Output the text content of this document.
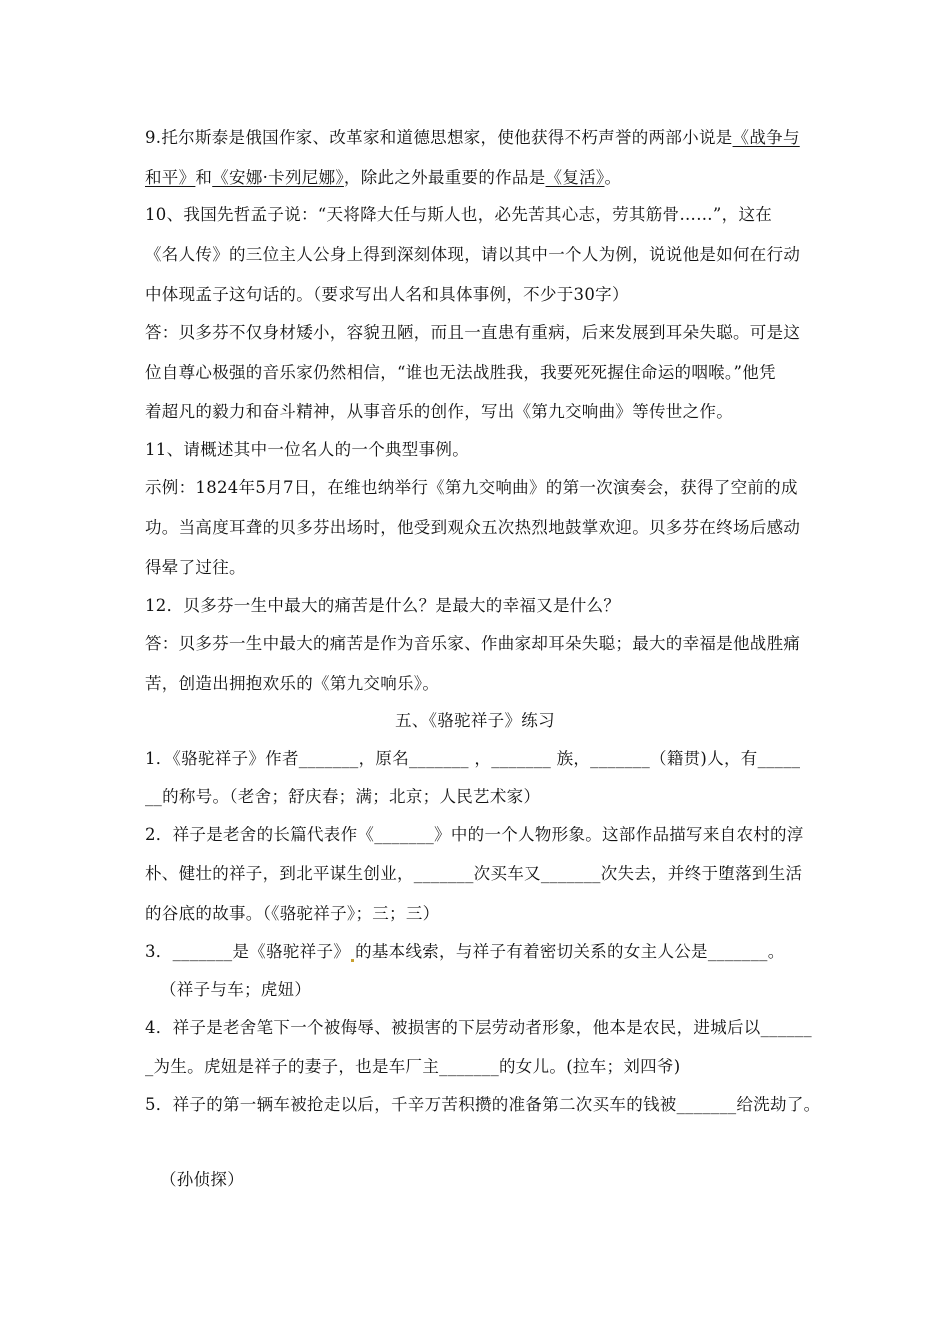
9.托尔斯泰是俄国作家、改革家和道德思想家，使他获得不朽声誉的两部小说是《战争与
和平》和《安娜·卡列尼娜》，除此之外最重要的作品是《复活》。
10、我国先哲孟子说：“天将降大任与斯人也，必先苦其心志，劳其筋骨……”，这在
《名人传》的三位主人公身上得到深刻体现，请以其中一个人为例，说说他是如何在行动
中体现孟子这句话的。（要求写出人名和具体事例，不少于30字）
答：贝多芬不仅身材矮小，容貌丑陋，而且一直患有重病，后来发展到耳朵失聪。可是这
位自尊心极强的音乐家仍然相信，“谁也无法战胜我，我要死死握住命运的咽喉。”他凭
着超凡的毅力和奋斗精神，从事音乐的创作，写出《第九交响曲》等传世之作。
11、请概述其中一位名人的一个典型事例。
示例：1824年5月7日，在维也纳举行《第九交响曲》的第一次演奏会，获得了空前的成
功。当高度耳聋的贝多芬出场时，他受到观众五次热烈地鼓掌欢迎。贝多芬在终场后感动
得晕了过往。
12．贝多芬一生中最大的痛苦是什么？是最大的幸福又是什么？
答：贝多芬一生中最大的痛苦是作为音乐家、作曲家却耳朵失聪；最大的幸福是他战胜痛
苦，创造出拥抱欢乐的《第九交响乐》。
五、《骆驼祥子》练习
1．《骆驼祥子》作者_______，原名_______ ，_______ 族，_______（籍贯)人，有_____
__的称号。（老舍；舒庆春；满；北京；人民艺术家）
2．祥子是老舍的长篇代表作《_______》中的一个人物形象。这部作品描写来自农村的淳
朴、健壮的祥子，到北平谋生创业，_______次买车又_______次失去，并终于堕落到生活
的谷底的故事。（《骆驼祥子》；三；三）
3．_______是《骆驼祥子》 的基本线索，与祥子有着密切关系的女主人公是_______。
（祥子与车；虎妞）
4．祥子是老舍笔下一个被侮辱、被损害的下层劳动者形象，他本是农民，进城后以______
_为生。虎妞是祥子的妻子，也是车厂主_______的女儿。(拉车；刘四爷)
5．祥子的第一辆车被抢走以后，千辛万苦积攒的准备第二次买车的钱被_______给洗劫了。
（孙侦探）
